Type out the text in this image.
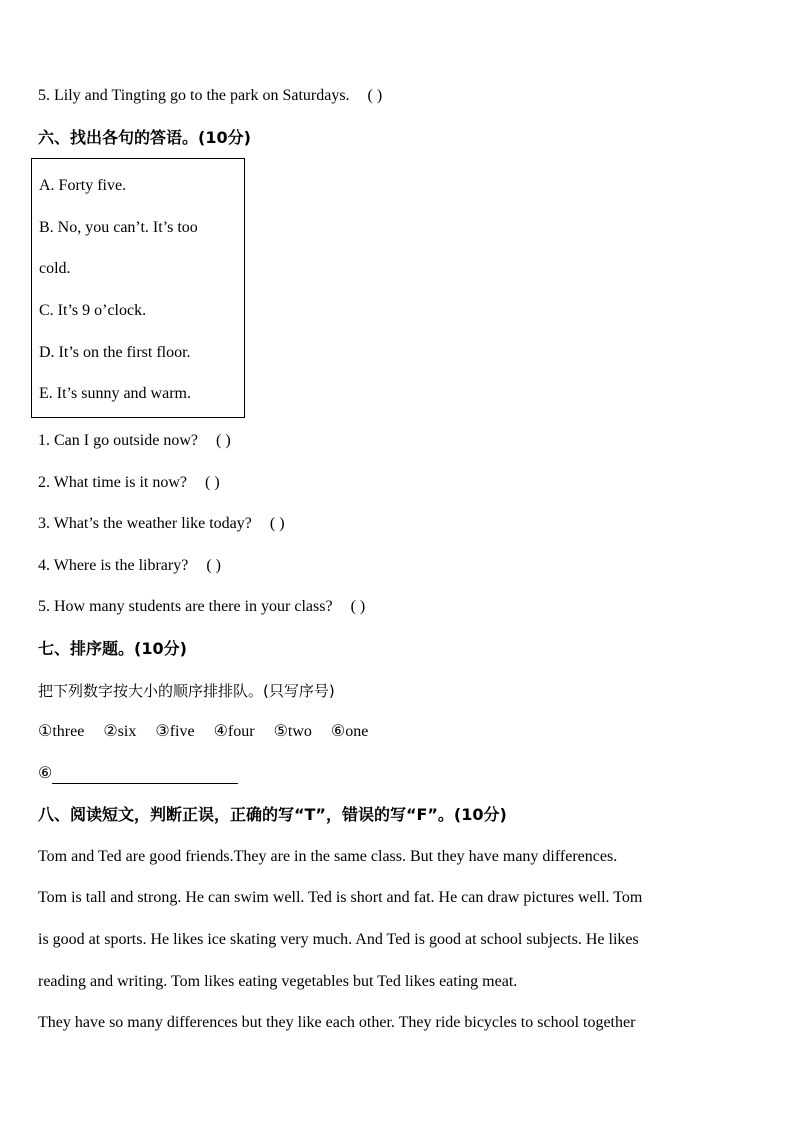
5. Lily and Tingting go to the park on Saturdays. ( )
六、找出各句的答语。(10分)
A. Forty five.
B. No, you can’t. It’s too
cold.
C. It’s 9 o’clock.
D. It’s on the first floor.
E. It’s sunny and warm.
1. Can I go outside now? ( )
2. What time is it now? ( )
3. What’s the weather like today? ( )
4. Where is the library? ( )
5. How many students are there in your class? ( )
七、排序题。(10分)
把下列数字按大小的顺序排排队。(只写序号)
①three ②six ③five ④four ⑤two ⑥one
⑥
八、阅读短文，判断正误，正确的写“T”，错误的写“F”。(10分)
Tom and Ted are good friends.They are in the same class. But they have many differences.
Tom is tall and strong. He can swim well. Ted is short and fat. He can draw pictures well. Tom
is good at sports. He likes ice skating very much. And Ted is good at school subjects. He likes
reading and writing. Tom likes eating vegetables but Ted likes eating meat.
They have so many differences but they like each other. They ride bicycles to school together
